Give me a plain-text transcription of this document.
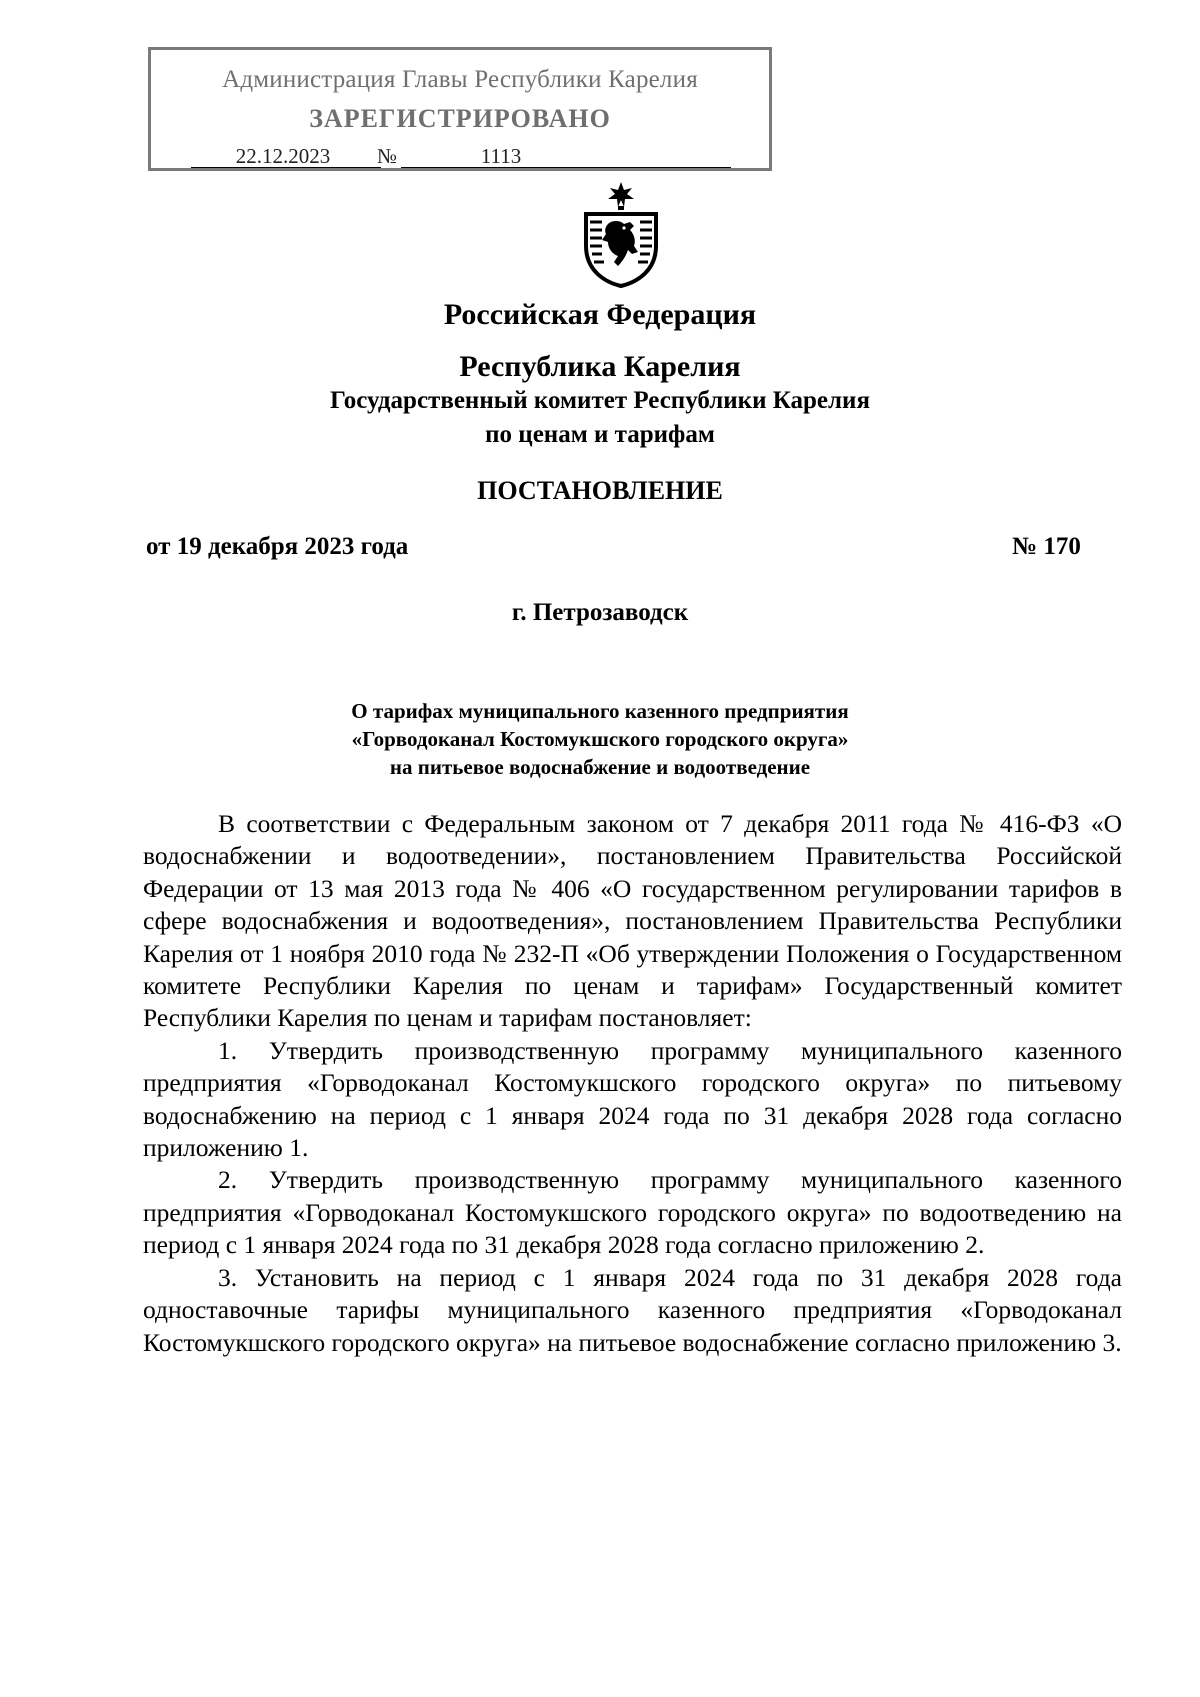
Администрация Главы Республики Карелия
ЗАРЕГИСТРИРОВАНО
22.12.2023	№	1113
Российская Федерация
Республика Карелия
Государственный комитет Республики Карелия
по ценам и тарифам
ПОСТАНОВЛЕНИЕ
от 19 декабря 2023 года	№ 170
г. Петрозаводск
О тарифах муниципального казенного предприятия
«Горводоканал Костомукшского городского округа»
на питьевое водоснабжение и водоотведение

В соответствии с Федеральным законом от 7 декабря 2011 года № 416-ФЗ «О водоснабжении и водоотведении», постановлением Правительства Российской Федерации от 13 мая 2013 года № 406 «О государственном регулировании тарифов в сфере водоснабжения и водоотведения», постановлением Правительства Республики Карелия от 1 ноября 2010 года № 232-П «Об утверждении Положения о Государственном комитете Республики Карелия по ценам и тарифам» Государственный комитет Республики Карелия по ценам и тарифам постановляет:

1. Утвердить производственную программу муниципального казенного предприятия «Горводоканал Костомукшского городского округа» по питьевому водоснабжению на период с 1 января 2024 года по 31 декабря 2028 года согласно приложению 1.

2. Утвердить производственную программу муниципального казенного предприятия «Горводоканал Костомукшского городского округа» по водоотведению на период с 1 января 2024 года по 31 декабря 2028 года согласно приложению 2.

3. Установить на период с 1 января 2024 года по 31 декабря 2028 года одноставочные тарифы муниципального казенного предприятия «Горводоканал Костомукшского городского округа» на питьевое водоснабжение согласно приложению 3.
